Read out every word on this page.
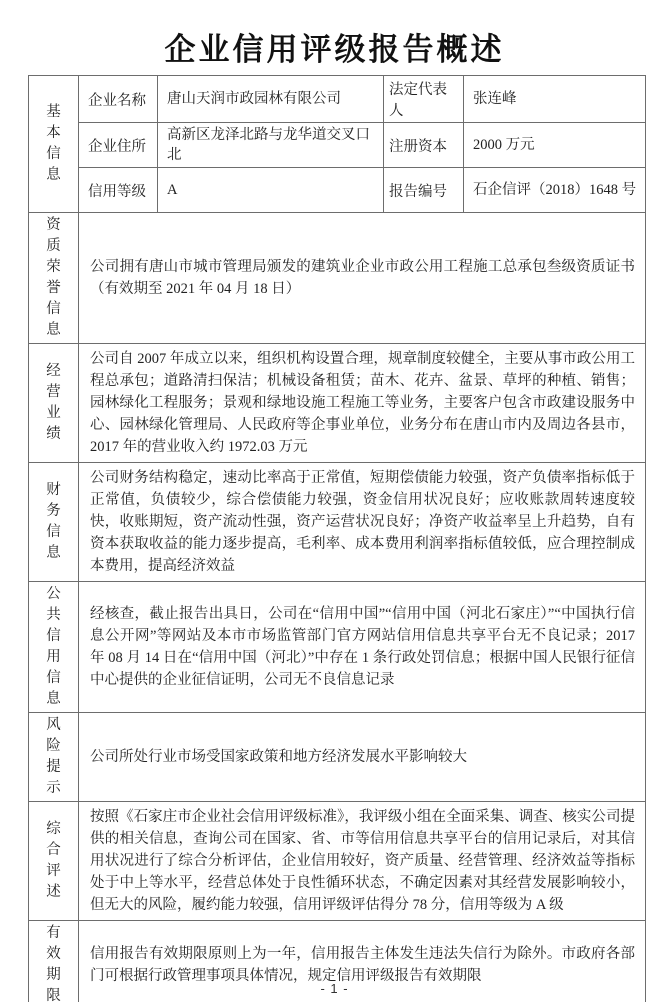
企业信用评级报告概述
基本信息	企业名称	唐山天润市政园林有限公司	法定代表人	张连峰
	企业住所	高新区龙泽北路与龙华道交叉口北	注册资本	2000 万元
	信用等级	A	报告编号	石企信评（2018）1648 号
资质荣誉信息	公司拥有唐山市城市管理局颁发的建筑业企业市政公用工程施工总承包叁级资质证书（有效期至 2021 年 04 月 18 日）			
经营业绩	公司自 2007 年成立以来，组织机构设置合理，规章制度较健全，主要从事市政公用工程总承包；道路清扫保洁；机械设备租赁；苗木、花卉、盆景、草坪的种植、销售；园林绿化工程服务；景观和绿地设施工程施工等业务，主要客户包含市政建设服务中心、园林绿化管理局、人民政府等企事业单位，业务分布在唐山市内及周边各县市，2017 年的营业收入约 1972.03 万元			
财务信息	公司财务结构稳定，速动比率高于正常值，短期偿债能力较强，资产负债率指标低于正常值，负债较少，综合偿债能力较强，资金信用状况良好；应收账款周转速度较快，收账期短，资产流动性强，资产运营状况良好；净资产收益率呈上升趋势，自有资本获取收益的能力逐步提高，毛利率、成本费用利润率指标值较低，应合理控制成本费用，提高经济效益			
公共信用信息	经核查，截止报告出具日，公司在“信用中国”“信用中国（河北石家庄）”“中国执行信息公开网”等网站及本市市场监管部门官方网站信用信息共享平台无不良记录；2017 年 08 月 14 日在“信用中国（河北）”中存在 1 条行政处罚信息；根据中国人民银行征信中心提供的企业征信证明，公司无不良信息记录			
风险提示	公司所处行业市场受国家政策和地方经济发展水平影响较大			
综合评述	按照《石家庄市企业社会信用评级标准》，我评级小组在全面采集、调查、核实公司提供的相关信息，查询公司在国家、省、市等信用信息共享平台的信用记录后，对其信用状况进行了综合分析评估，企业信用较好，资产质量、经营管理、经济效益等指标处于中上等水平，经营总体处于良性循环状态，不确定因素对其经营发展影响较小，但无大的风险，履约能力较强，信用评级评估得分 78 分，信用等级为 A 级			
有效期限	信用报告有效期限原则上为一年，信用报告主体发生违法失信行为除外。市政府各部门可根据行政管理事项具体情况，规定信用评级报告有效期限			

- 1 -
